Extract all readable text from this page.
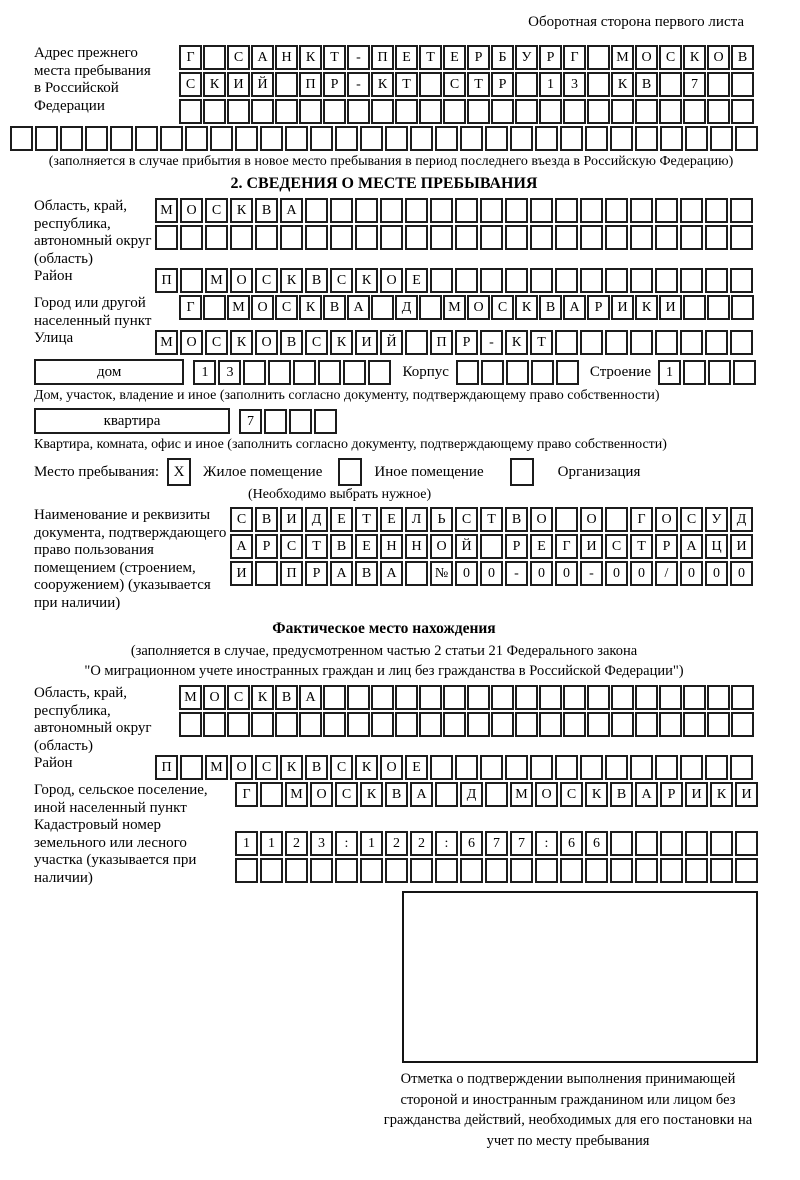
Оборотная сторона первого листа
Адрес прежнего места пребывания в Российской Федерации
Г	С	А Н	К	Т	-	П	Е	Т	Е	Р	Б	У	Р	Г	М О	С	К	О	В
С	К	И Й	П	Р	-	К	Т	С	Т	Р	1	3	К	В	7
(заполняется в случае прибытия в новое место пребывания в период последнего въезда в Российскую Федерацию)
2. СВЕДЕНИЯ О МЕСТЕ ПРЕБЫВАНИЯ
Область, край, республика, автономный округ (область)
М О	С	К	В	А
Район	П	М О	С	К	В	С	К	О	Е
Город или другой населенный пункт
Г	М О	С	К	В	А	Д	М О	С	К	В	А	Р	И	К	И
Улица	М О	С	К	О	В	С	К	И	Й	П	Р	-	К	Т
дом	1	3	Корпус	Строение	1
Дом, участок, владение и иное (заполнить согласно документу, подтверждающему право собственности)
квартира	7
Квартира, комната, офис и иное (заполнить согласно документу, подтверждающему право собственности)
Место пребывания: X	Жилое помещение	Иное помещение	Организация
(Необходимо выбрать нужное)
Наименование и реквизиты документа, подтверждающего право пользования помещением (строением, сооружением) (указывается при наличии)
С	В	И	Д	Е	Т	Е	Л	Ь	С	Т	В	О	О	Г	О	С	У	Д
А	Р	С	Т	В	Е	Н	Н	О	Й	Р	Е	Г	И	С	Т	Р	А	Ц	И
И	П	Р	А	В	А	№	0	0	-	0	0	-	0	0	/	0	0	0
Фактическое место нахождения
(заполняется в случае, предусмотренном частью 2 статьи 21 Федерального закона
"О миграционном учете иностранных граждан и лиц без гражданства в Российской Федерации")
Область, край, республика, автономный округ (область)
М О	С	К	В	А
Район	П	М О	С	К	В	С	К	О	Е
Город, сельское поселение, иной населенный пункт
Г	М О	С	К	В	А	Д	М О	С	К	В	А	Р	И	К	И
Кадастровый номер земельного или лесного участка (указывается при наличии)
1	1	2	3	:	1	2	2	:	6	7	7	:	6	6
Отметка о подтверждении выполнения принимающей стороной и иностранным гражданином или лицом без гражданства действий, необходимых для его постановки на учет по месту пребывания
